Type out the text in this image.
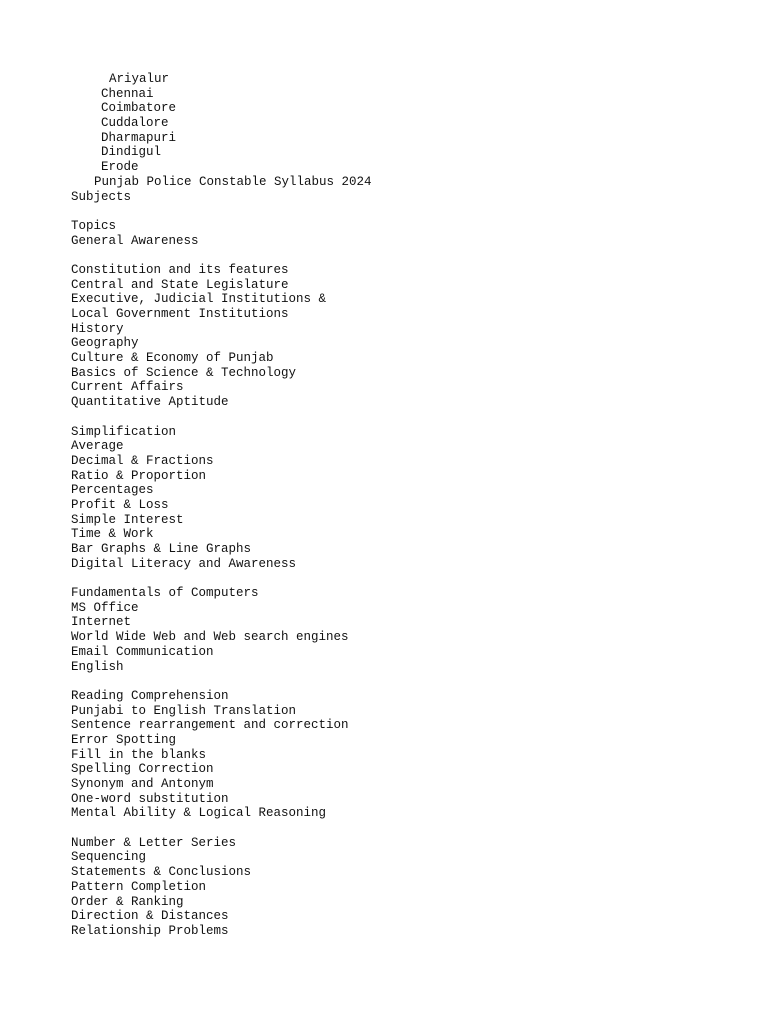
Ariyalur
Chennai
Coimbatore
Cuddalore
Dharmapuri
Dindigul
Erode
Punjab Police Constable Syllabus 2024
Subjects
Topics
General Awareness
Constitution and its features
Central and State Legislature
Executive, Judicial Institutions &
Local Government Institutions
History
Geography
Culture & Economy of Punjab
Basics of Science & Technology
Current Affairs
Quantitative Aptitude
Simplification
Average
Decimal & Fractions
Ratio & Proportion
Percentages
Profit & Loss
Simple Interest
Time & Work
Bar Graphs & Line Graphs
Digital Literacy and Awareness
Fundamentals of Computers
MS Office
Internet
World Wide Web and Web search engines
Email Communication
English
Reading Comprehension
Punjabi to English Translation
Sentence rearrangement and correction
Error Spotting
Fill in the blanks
Spelling Correction
Synonym and Antonym
One-word substitution
Mental Ability & Logical Reasoning
Number & Letter Series
Sequencing
Statements & Conclusions
Pattern Completion
Order & Ranking
Direction & Distances
Relationship Problems
